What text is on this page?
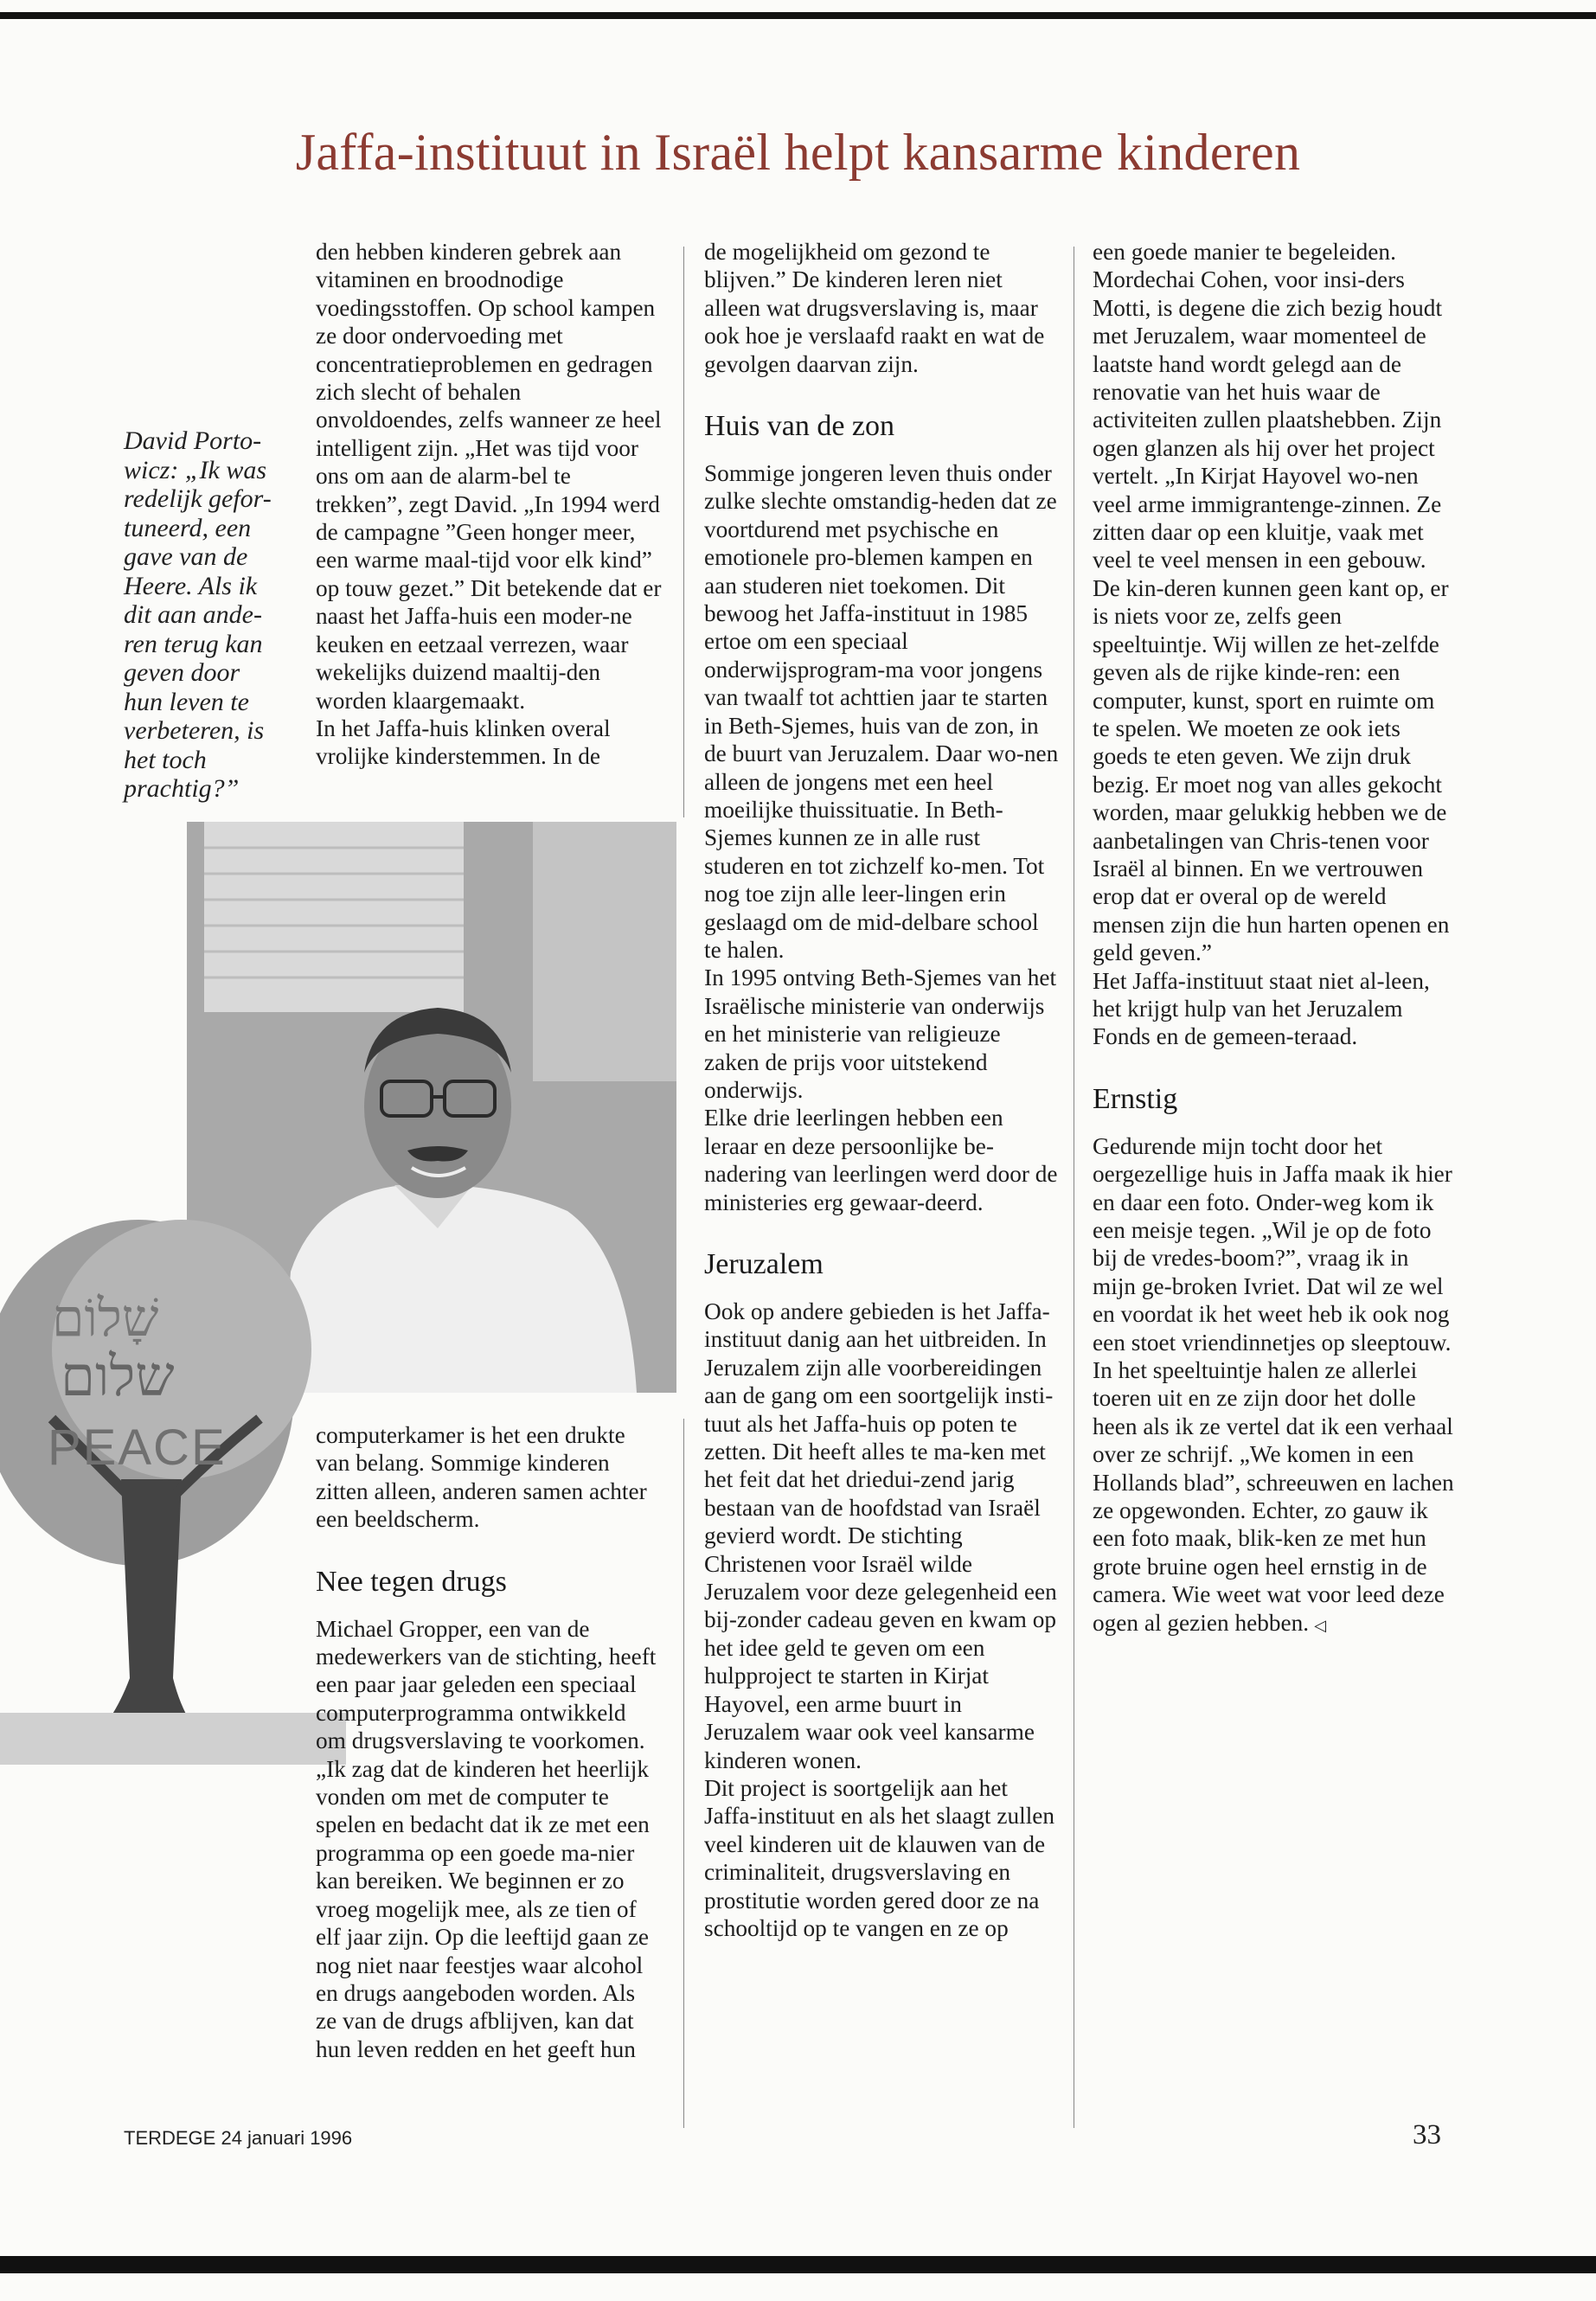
Jaffa-instituut in Israël helpt kansarme kinderen
David Porto-wicz: „Ik was redelijk gefor-tuneerd, een gave van de Heere. Als ik dit aan ande-ren terug kan geven door hun leven te verbeteren, is het toch prachtig?”

den hebben kinderen gebrek aan vitaminen en broodnodige voedingsstoffen. Op school kampen ze door ondervoeding met concentratieproblemen en gedragen zich slecht of behalen onvoldoendes, zelfs wanneer ze heel intelligent zijn. „Het was tijd voor ons om aan de alarm-bel te trekken”, zegt David. „In 1994 werd de campagne ”Geen honger meer, een warme maal-tijd voor elk kind” op touw gezet.” Dit betekende dat er naast het Jaffa-huis een moder-ne keuken en eetzaal verrezen, waar wekelijks duizend maaltij-den worden klaargemaakt.

In het Jaffa-huis klinken overal vrolijke kinderstemmen. In de

שָׁלוֹם
שלום
PEACE	computerkamer is het een drukte van belang. Sommige kinderen zitten alleen, anderen samen achter een beeldscherm.

Nee tegen drugs

Michael Gropper, een van de medewerkers van de stichting, heeft een paar jaar geleden een speciaal computerprogramma ontwikkeld om drugsverslaving te voorkomen. „Ik zag dat de kinderen het heerlijk vonden om met de computer te spelen en bedacht dat ik ze met een programma op een goede ma-nier kan bereiken. We beginnen er zo vroeg mogelijk mee, als ze tien of elf jaar zijn. Op die leeftijd gaan ze nog niet naar feestjes waar alcohol en drugs aangeboden worden. Als ze van de drugs afblijven, kan dat hun leven redden en het geeft hun

de mogelijkheid om gezond te blijven.” De kinderen leren niet alleen wat drugsverslaving is, maar ook hoe je verslaafd raakt en wat de gevolgen daarvan zijn.

Huis van de zon

Sommige jongeren leven thuis onder zulke slechte omstandig-heden dat ze voortdurend met psychische en emotionele pro-blemen kampen en aan studeren niet toekomen. Dit bewoog het Jaffa-instituut in 1985 ertoe om een speciaal onderwijsprogram-ma voor jongens van twaalf tot achttien jaar te starten in Beth-Sjemes, huis van de zon, in de buurt van Jeruzalem. Daar wo-nen alleen de jongens met een heel moeilijke thuissituatie. In Beth-Sjemes kunnen ze in alle rust studeren en tot zichzelf ko-men. Tot nog toe zijn alle leer-lingen erin geslaagd om de mid-delbare school te halen.

In 1995 ontving Beth-Sjemes van het Israëlische ministerie van onderwijs en het ministerie van religieuze zaken de prijs voor uitstekend onderwijs.

Elke drie leerlingen hebben een leraar en deze persoonlijke be-nadering van leerlingen werd door de ministeries erg gewaar-deerd.

Jeruzalem

Ook op andere gebieden is het Jaffa-instituut danig aan het uitbreiden. In Jeruzalem zijn alle voorbereidingen aan de gang om een soortgelijk insti-tuut als het Jaffa-huis op poten te zetten. Dit heeft alles te ma-ken met het feit dat het driedui-zend jarig bestaan van de hoofdstad van Israël gevierd wordt. De stichting Christenen voor Israël wilde Jeruzalem voor deze gelegenheid een bij-zonder cadeau geven en kwam op het idee geld te geven om een hulpproject te starten in Kirjat Hayovel, een arme buurt in Jeruzalem waar ook veel kansarme kinderen wonen.

Dit project is soortgelijk aan het Jaffa-instituut en als het slaagt zullen veel kinderen uit de klauwen van de criminaliteit, drugsverslaving en prostitutie worden gered door ze na schooltijd op te vangen en ze op

een goede manier te begeleiden. Mordechai Cohen, voor insi-ders Motti, is degene die zich bezig houdt met Jeruzalem, waar momenteel de laatste hand wordt gelegd aan de renovatie van het huis waar de activiteiten zullen plaatshebben. Zijn ogen glanzen als hij over het project vertelt. „In Kirjat Hayovel wo-nen veel arme immigrantenge-zinnen. Ze zitten daar op een kluitje, vaak met veel te veel mensen in een gebouw. De kin-deren kunnen geen kant op, er is niets voor ze, zelfs geen speeltuintje. Wij willen ze het-zelfde geven als de rijke kinde-ren: een computer, kunst, sport en ruimte om te spelen. We moeten ze ook iets goeds te eten geven. We zijn druk bezig. Er moet nog van alles gekocht worden, maar gelukkig hebben we de aanbetalingen van Chris-tenen voor Israël al binnen. En we vertrouwen erop dat er overal op de wereld mensen zijn die hun harten openen en geld geven.”

Het Jaffa-instituut staat niet al-leen, het krijgt hulp van het Jeruzalem Fonds en de gemeen-teraad.

Ernstig

Gedurende mijn tocht door het oergezellige huis in Jaffa maak ik hier en daar een foto. Onder-weg kom ik een meisje tegen. „Wil je op de foto bij de vredes-boom?”, vraag ik in mijn ge-broken Ivriet. Dat wil ze wel en voordat ik het weet heb ik ook nog een stoet vriendinnetjes op sleeptouw. In het speeltuintje halen ze allerlei toeren uit en ze zijn door het dolle heen als ik ze vertel dat ik een verhaal over ze schrijf. „We komen in een Hollands blad”, schreeuwen en lachen ze opgewonden. Echter, zo gauw ik een foto maak, blik-ken ze met hun grote bruine ogen heel ernstig in de camera. Wie weet wat voor leed deze ogen al gezien hebben. ◁

TERDEGE 24 januari 1996	33
